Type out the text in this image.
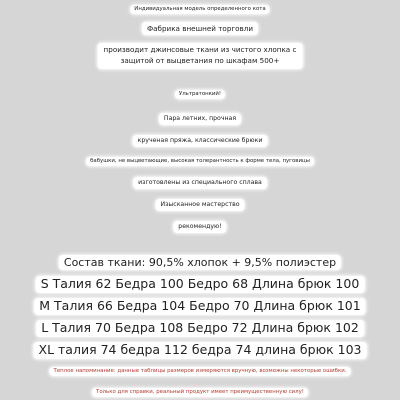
Индивидуальная модель определенного кота
Фабрика внешней торговли
производит джинсовые ткани из чистого хлопка с
защитой от выцветания по шкафам 500+
Ультратонкий!
Пара летних, прочная
крученая пряжа, классические брюки
бабушки, не выцветающие, высокая толерантность к форме тела, пуговицы
изготовлены из специального сплава
Изысканное мастерство
рекомендую!
Состав ткани: 90,5% хлопок + 9,5% полиэстер
S Талия 62 Бедра 100 Бедро 68 Длина брюк 100
M Талия 66 Бедра 104 Бедро 70 Длина брюк 101
L Талия 70 Бедра 108 Бедро 72 Длина брюк 102
XL талия 74 бедра 112 бедра 74 длина брюк 103
Теплое напоминание: данные таблицы размеров измеряются вручную, возможны некоторые ошибки.
Только для справки, реальный продукт имеет преимущественную силу!
